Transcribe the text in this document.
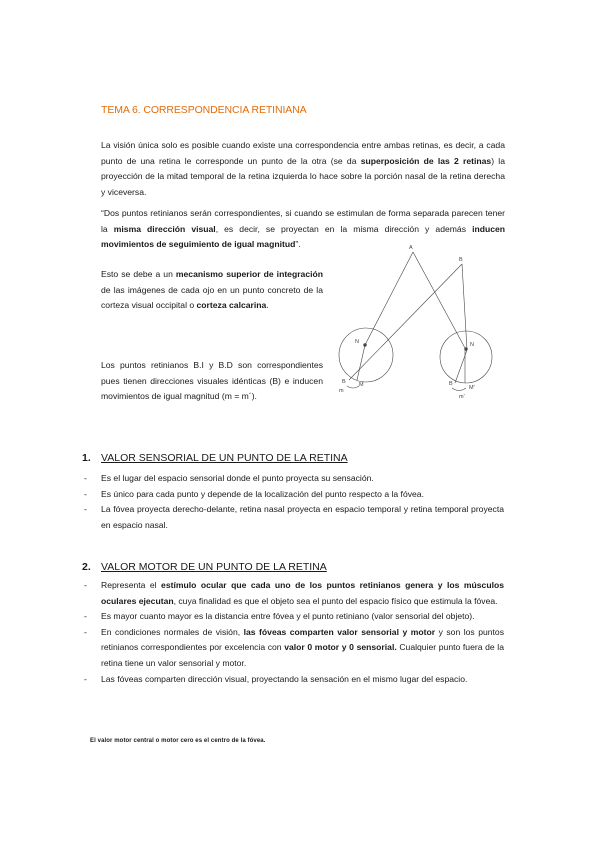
TEMA 6. CORRESPONDENCIA RETINIANA

La visión única solo es posible cuando existe una correspondencia entre ambas retinas, es decir, a cada punto de una retina le corresponde un punto de la otra (se da superposición de las 2 retinas) la proyección de la mitad temporal de la retina izquierda lo hace sobre la porción nasal de la retina derecha y viceversa.

“Dos puntos retinianos serán correspondientes, si cuando se estimulan de forma separada parecen tener la misma dirección visual, es decir, se proyectan en la misma dirección y además inducen movimientos de seguimiento de igual magnitud”.

Esto se debe a un mecanismo superior de integración de las imágenes de cada ojo en un punto concreto de la corteza visual occipital o corteza calcarina.

Los puntos retinianos B.I y B.D son correspondientes pues tienen direcciones visuales idénticas (B) e inducen movimientos de igual magnitud (m = m´).

A
B
N	N
M	M'
B	B
m
m'
1. VALOR SENSORIAL DE UN PUNTO DE LA RETINA
- Es el lugar del espacio sensorial donde el punto proyecta su sensación.
- Es único para cada punto y depende de la localización del punto respecto a la fóvea.
- La fóvea proyecta derecho-delante, retina nasal proyecta en espacio temporal y retina temporal proyecta en espacio nasal.
2. VALOR MOTOR DE UN PUNTO DE LA RETINA
- Representa el estímulo ocular que cada uno de los puntos retinianos genera y los músculos oculares ejecutan, cuya finalidad es que el objeto sea el punto del espacio físico que estimula la fóvea.
- Es mayor cuanto mayor es la distancia entre fóvea y el punto retiniano (valor sensorial del objeto).
- En condiciones normales de visión, las fóveas comparten valor sensorial y motor y son los puntos retinianos correspondientes por excelencia con valor 0 motor y 0 sensorial. Cualquier punto fuera de la retina tiene un valor sensorial y motor.
- Las fóveas comparten dirección visual, proyectando la sensación en el mismo lugar del espacio.
El valor motor central o motor cero es el centro de la fóvea.
